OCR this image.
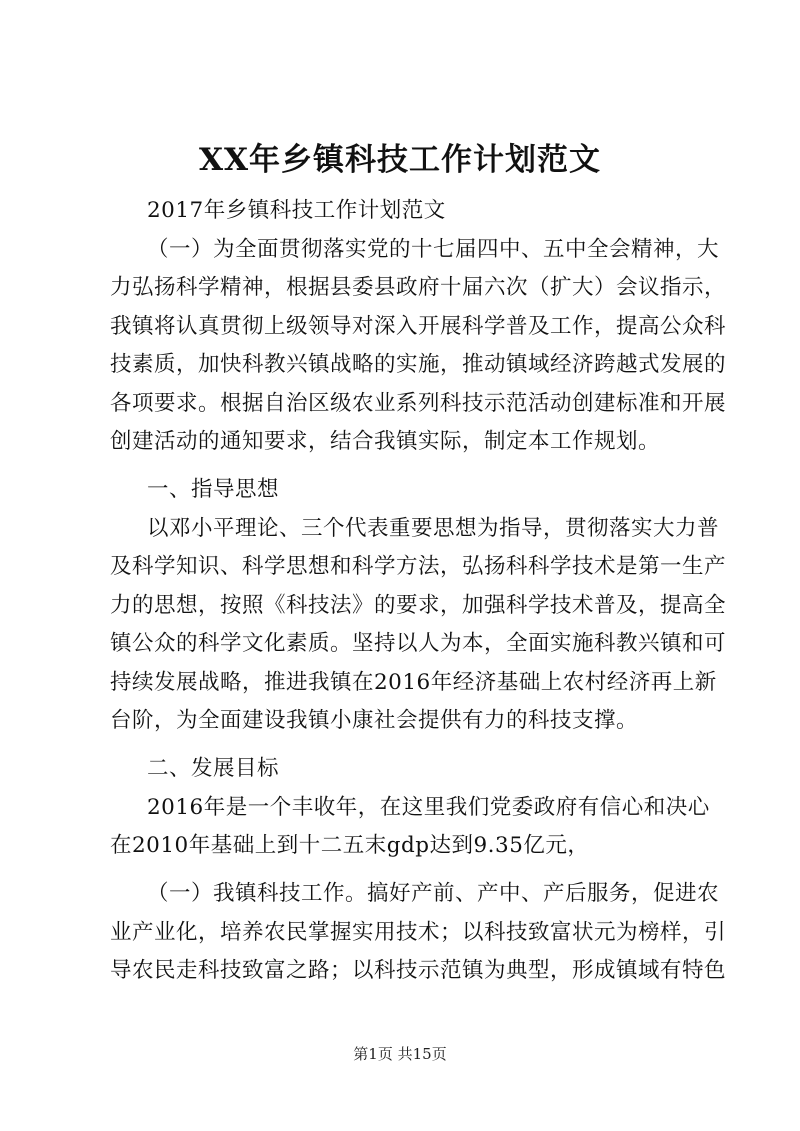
XX年乡镇科技工作计划范文
2017年乡镇科技工作计划范文
（一）为全面贯彻落实党的十七届四中、五中全会精神，大
力弘扬科学精神，根据县委县政府十届六次（扩大）会议指示，
我镇将认真贯彻上级领导对深入开展科学普及工作，提高公众科
技素质，加快科教兴镇战略的实施，推动镇域经济跨越式发展的
各项要求。根据自治区级农业系列科技示范活动创建标准和开展
创建活动的通知要求，结合我镇实际，制定本工作规划。
一、指导思想
以邓小平理论、三个代表重要思想为指导，贯彻落实大力普
及科学知识、科学思想和科学方法，弘扬科科学技术是第一生产
力的思想，按照《科技法》的要求，加强科学技术普及，提高全
镇公众的科学文化素质。坚持以人为本，全面实施科教兴镇和可
持续发展战略，推进我镇在2016年经济基础上农村经济再上新
台阶，为全面建设我镇小康社会提供有力的科技支撑。
二、发展目标
2016年是一个丰收年，在这里我们党委政府有信心和决心
在2010年基础上到十二五末gdp达到9.35亿元，
（一）我镇科技工作。搞好产前、产中、产后服务，促进农
业产业化，培养农民掌握实用技术；以科技致富状元为榜样，引
导农民走科技致富之路；以科技示范镇为典型，形成镇域有特色
第1页 共15页
